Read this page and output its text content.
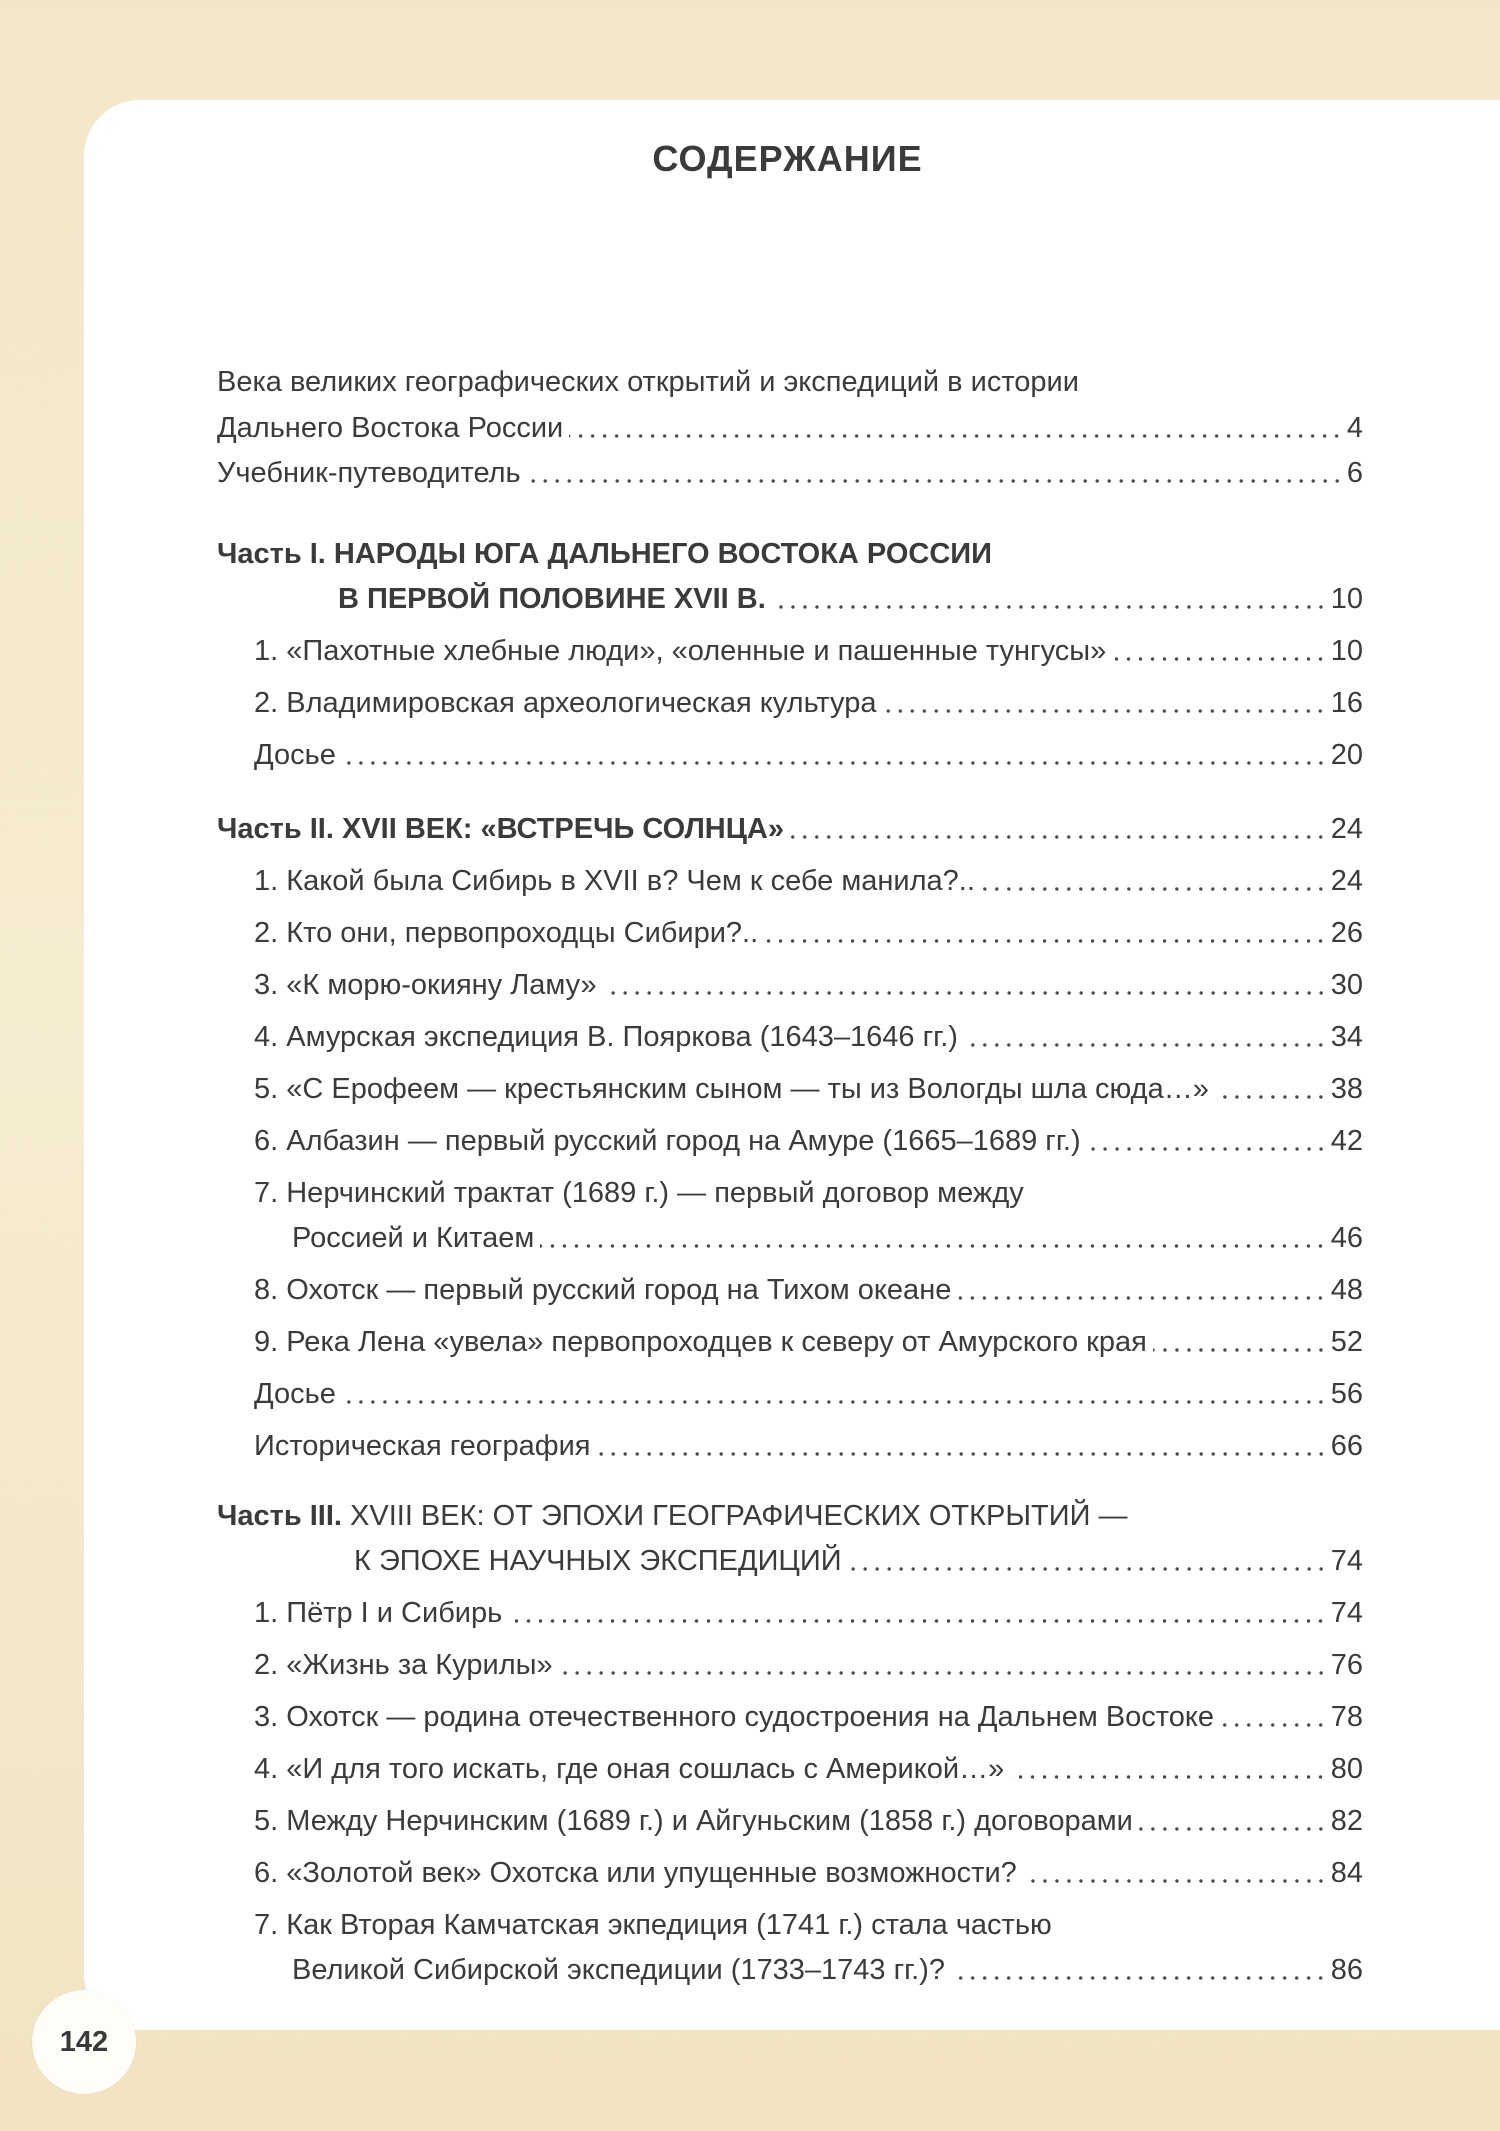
142
СОДЕРЖАНИЕ
Века великих географических открытий и экспедиций в истории
Дальнего Востока России	4
Учебник-путеводитель	6
Часть I. НАРОДЫ ЮГА ДАЛЬНЕГО ВОСТОКА РОССИИ
В ПЕРВОЙ ПОЛОВИНЕ XVII В.	10
1. «Пахотные хлебные люди», «оленные и пашенные тунгусы»	10
2. Владимировская археологическая культура	16
Досье	20
Часть II. XVII ВЕК: «ВСТРЕЧЬ СОЛНЦА»	24
1. Какой была Сибирь в XVII в? Чем к себе манила?..	24
2. Кто они, первопроходцы Сибири?..	26
3. «К морю-окияну Ламу»	30
4. Амурская экспедиция В. Пояркова (1643–1646 гг.)	34
5. «С Ерофеем — крестьянским сыном — ты из Вологды шла сюда…»	38
6. Албазин — первый русский город на Амуре (1665–1689 гг.)	42
7. Нерчинский трактат (1689 г.) — первый договор между
Россией и Китаем	46
8. Охотск — первый русский город на Тихом океане	48
9. Река Лена «увела» первопроходцев к северу от Амурского края	52
Досье	56
Историческая география	66
Часть III. XVIII ВЕК: ОТ ЭПОХИ ГЕОГРАФИЧЕСКИХ ОТКРЫТИЙ —
К ЭПОХЕ НАУЧНЫХ ЭКСПЕДИЦИЙ	74
1. Пётр I и Сибирь	74
2. «Жизнь за Курилы»	76
3. Охотск — родина отечественного судостроения на Дальнем Востоке	78
4. «И для того искать, где оная сошлась с Америкой…»	80
5. Между Нерчинским (1689 г.) и Айгуньским (1858 г.) договорами	82
6. «Золотой век» Охотска или упущенные возможности?	84
7. Как Вторая Камчатская экпедиция (1741 г.) стала частью
Великой Сибирской экспедиции (1733–1743 гг.)?	86
